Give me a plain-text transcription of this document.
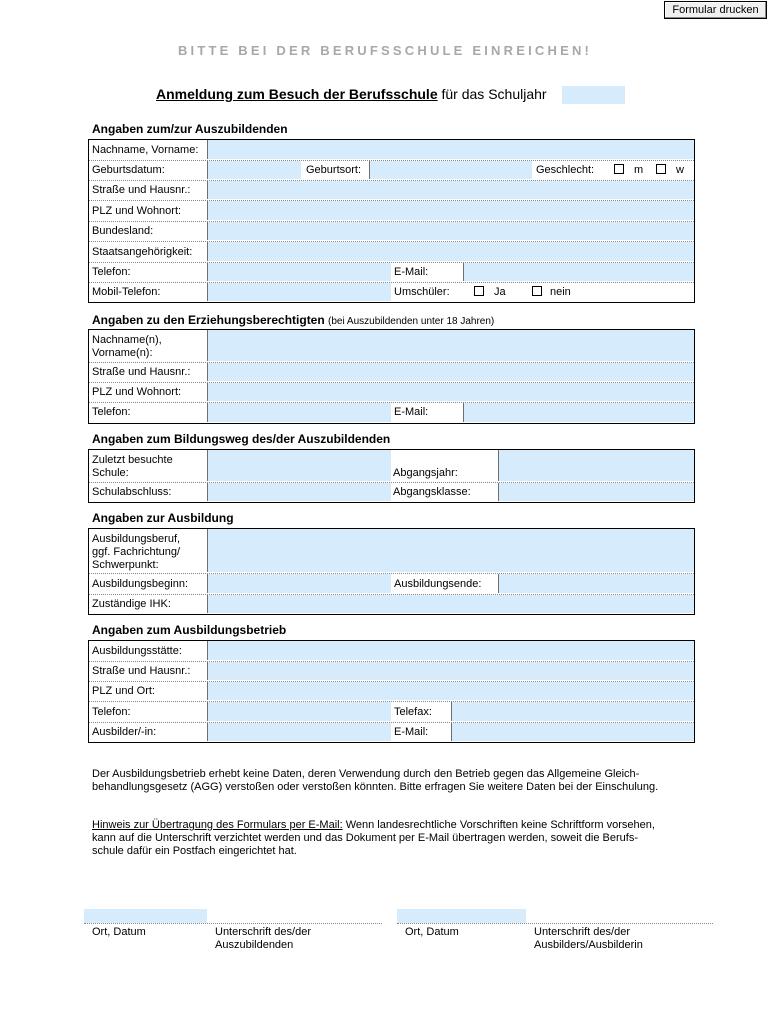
Formular drucken
BITTE BEI DER BERUFSSCHULE EINREICHEN!
Anmeldung zum Besuch der Berufsschule für das Schuljahr
Angaben zum/zur Auszubildenden
Nachname, Vorname:
Geburtsdatum:	Geburtsort:	Geschlecht:	m	w
Straße und Hausnr.:
PLZ und Wohnort:
Bundesland:
Staatsangehörigkeit:
Telefon:	E-Mail:
Mobil-Telefon:	Umschüler:	Ja	nein
Angaben zu den Erziehungsberechtigten (bei Auszubildenden unter 18 Jahren)
Nachname(n),
Vorname(n):
Straße und Hausnr.:
PLZ und Wohnort:
Telefon:	E-Mail:
Angaben zum Bildungsweg des/der Auszubildenden
Zuletzt besuchte
Schule:	Abgangsjahr:
Schulabschluss:	Abgangsklasse:
Angaben zur Ausbildung
Ausbildungsberuf,
ggf. Fachrichtung/
Schwerpunkt:
Ausbildungsbeginn:	Ausbildungsende:
Zuständige IHK:
Angaben zum Ausbildungsbetrieb
Ausbildungsstätte:
Straße und Hausnr.:
PLZ und Ort:
Telefon:	Telefax:
Ausbilder/-in:	E-Mail:
Der Ausbildungsbetrieb erhebt keine Daten, deren Verwendung durch den Betrieb gegen das Allgemeine Gleich-
behandlungsgesetz (AGG) verstoßen oder verstoßen könnten. Bitte erfragen Sie weitere Daten bei der Einschulung.
Hinweis zur Übertragung des Formulars per E-Mail: Wenn landesrechtliche Vorschriften keine Schriftform vorsehen,
kann auf die Unterschrift verzichtet werden und das Dokument per E-Mail übertragen werden, soweit die Berufs-
schule dafür ein Postfach eingerichtet hat.
Ort, Datum	Unterschrift des/der
Auszubildenden
Ort, Datum	Unterschrift des/der
Ausbilders/Ausbilderin
